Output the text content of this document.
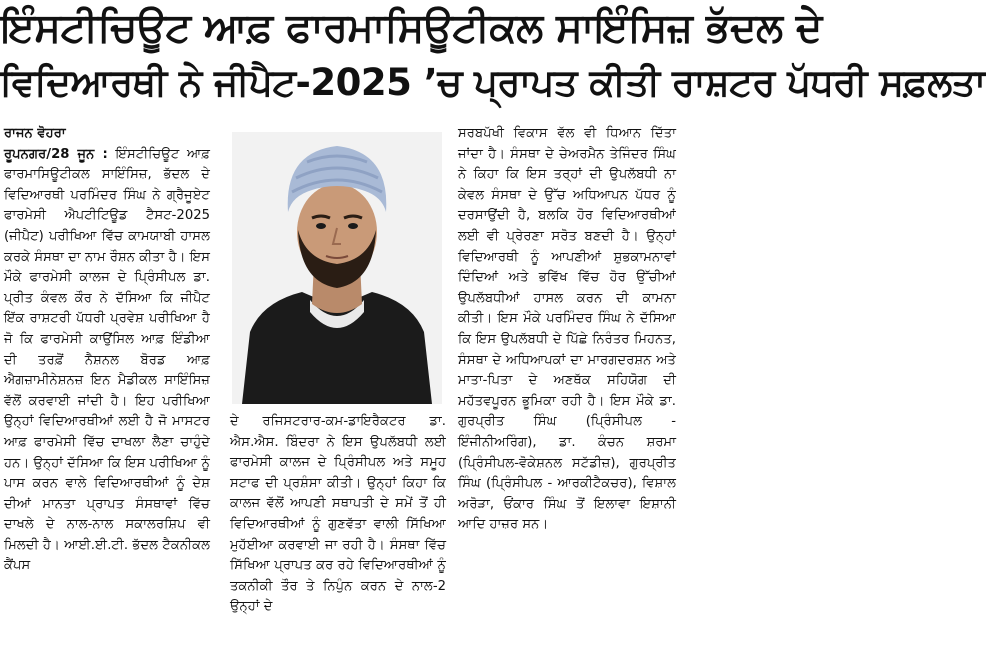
ਇੰਸਟੀਚਿਊਟ ਆਫ਼ ਫਾਰਮਾਸਿਊਟੀਕਲ ਸਾਇੰਸਿਜ਼ ਭੱਦਲ ਦੇ
ਵਿਦਿਆਰਥੀ ਨੇ ਜੀਪੈਟ-2025 ’ਚ ਪ੍ਰਾਪਤ ਕੀਤੀ ਰਾਸ਼ਟਰ ਪੱਧਰੀ ਸਫ਼ਲਤਾ

ਰਾਜਨ ਵੋਹਰਾ

ਰੂਪਨਗਰ/28 ਜੂਨ : ਇੰਸਟੀਚਿਊਟ ਆਫ਼ ਫਾਰਮਾਸਿਊਟੀਕਲ ਸਾਇੰਸਿਜ਼, ਭੱਦਲ ਦੇ ਵਿਦਿਆਰਥੀ ਪਰਮਿੰਦਰ ਸਿੰਘ ਨੇ ਗ੍ਰੈਜੂਏਟ ਫਾਰਮੇਸੀ ਐਪਟੀਟਿਊਡ ਟੈਸਟ-2025 (ਜੀਪੈਟ) ਪਰੀਖਿਆ ਵਿੱਚ ਕਾਮਯਾਬੀ ਹਾਸਲ ਕਰਕੇ ਸੰਸਥਾ ਦਾ ਨਾਮ ਰੌਸ਼ਨ ਕੀਤਾ ਹੈ। ਇਸ ਮੌਕੇ ਫਾਰਮੇਸੀ ਕਾਲਜ ਦੇ ਪ੍ਰਿੰਸੀਪਲ ਡਾ. ਪ੍ਰੀਤ ਕੰਵਲ ਕੌਰ ਨੇ ਦੱਸਿਆ ਕਿ ਜੀਪੈਟ ਇੱਕ ਰਾਸ਼ਟਰੀ ਪੱਧਰੀ ਪ੍ਰਵੇਸ਼ ਪਰੀਖਿਆ ਹੈ ਜੋ ਕਿ ਫਾਰਮੇਸੀ ਕਾਉਂਸਿਲ ਆਫ਼ ਇੰਡੀਆ ਦੀ ਤਰਫ਼ੋਂ ਨੈਸ਼ਨਲ ਬੋਰਡ ਆਫ਼ ਐਗਜ਼ਾਮੀਨੇਸ਼ਨਜ਼ ਇਨ ਮੈਡੀਕਲ ਸਾਇੰਸਿਜ਼ ਵੱਲੋਂ ਕਰਵਾਈ ਜਾਂਦੀ ਹੈ। ਇਹ ਪਰੀਖਿਆ ਉਨ੍ਹਾਂ ਵਿਦਿਆਰਥੀਆਂ ਲਈ ਹੈ ਜੋ ਮਾਸਟਰ ਆਫ਼ ਫਾਰਮੇਸੀ ਵਿੱਚ ਦਾਖਲਾ ਲੈਣਾ ਚਾਹੁੰਦੇ ਹਨ। ਉਨ੍ਹਾਂ ਦੱਸਿਆ ਕਿ ਇਸ ਪਰੀਖਿਆ ਨੂੰ ਪਾਸ ਕਰਨ ਵਾਲੇ ਵਿਦਿਆਰਥੀਆਂ ਨੂੰ ਦੇਸ਼ ਦੀਆਂ ਮਾਨਤਾ ਪ੍ਰਾਪਤ ਸੰਸਥਾਵਾਂ ਵਿੱਚ ਦਾਖਲੇ ਦੇ ਨਾਲ-ਨਾਲ ਸਕਾਲਰਸ਼ਿਪ ਵੀ ਮਿਲਦੀ ਹੈ। ਆਈ.ਈ.ਟੀ. ਭੱਦਲ ਟੈਕਨੀਕਲ ਕੈਂਪਸ

ਦੇ ਰਜਿਸਟਰਾਰ-ਕਮ-ਡਾਇਰੈਕਟਰ ਡਾ. ਐਸ.ਐਸ. ਬਿੰਦਰਾ ਨੇ ਇਸ ਉਪਲੱਬਧੀ ਲਈ ਫਾਰਮੇਸੀ ਕਾਲਜ ਦੇ ਪ੍ਰਿੰਸੀਪਲ ਅਤੇ ਸਮੂਹ ਸਟਾਫ ਦੀ ਪ੍ਰਸ਼ੰਸਾ ਕੀਤੀ। ਉਨ੍ਹਾਂ ਕਿਹਾ ਕਿ ਕਾਲਜ ਵੱਲੋਂ ਆਪਣੀ ਸਥਾਪਤੀ ਦੇ ਸਮੇਂ ਤੋਂ ਹੀ ਵਿਦਿਆਰਥੀਆਂ ਨੂੰ ਗੁਣਵੱਤਾ ਵਾਲੀ ਸਿੱਖਿਆ ਮੁਹੱਈਆ ਕਰਵਾਈ ਜਾ ਰਹੀ ਹੈ। ਸੰਸਥਾ ਵਿੱਚ ਸਿੱਖਿਆ ਪ੍ਰਾਪਤ ਕਰ ਰਹੇ ਵਿਦਿਆਰਥੀਆਂ ਨੂੰ ਤਕਨੀਕੀ ਤੌਰ ਤੇ ਨਿਪੁੰਨ ਕਰਨ ਦੇ ਨਾਲ-2 ਉਨ੍ਹਾਂ ਦੇ

ਸਰਬਪੱਖੀ ਵਿਕਾਸ ਵੱਲ ਵੀ ਧਿਆਨ ਦਿੱਤਾ ਜਾਂਦਾ ਹੈ। ਸੰਸਥਾ ਦੇ ਚੇਅਰਮੈਨ ਤੇਜਿੰਦਰ ਸਿੰਘ ਨੇ ਕਿਹਾ ਕਿ ਇਸ ਤਰ੍ਹਾਂ ਦੀ ਉਪਲੱਬਧੀ ਨਾ ਕੇਵਲ ਸੰਸਥਾ ਦੇ ਉੱਚ ਅਧਿਆਪਨ ਪੱਧਰ ਨੂੰ ਦਰਸਾਉਂਦੀ ਹੈ, ਬਲਕਿ ਹੋਰ ਵਿਦਿਆਰਥੀਆਂ ਲਈ ਵੀ ਪ੍ਰੇਰਣਾ ਸਰੋਤ ਬਣਦੀ ਹੈ। ਉਨ੍ਹਾਂ ਵਿਦਿਆਰਥੀ ਨੂੰ ਆਪਣੀਆਂ ਸ਼ੁਭਕਾਮਨਾਵਾਂ ਦਿੰਦਿਆਂ ਅਤੇ ਭਵਿੱਖ ਵਿੱਚ ਹੋਰ ਉੱਚੀਆਂ ਉਪਲੱਬਧੀਆਂ ਹਾਸਲ ਕਰਨ ਦੀ ਕਾਮਨਾ ਕੀਤੀ। ਇਸ ਮੌਕੇ ਪਰਮਿੰਦਰ ਸਿੰਘ ਨੇ ਦੱਸਿਆ ਕਿ ਇਸ ਉਪਲੱਬਧੀ ਦੇ ਪਿੱਛੇ ਨਿਰੰਤਰ ਮਿਹਨਤ, ਸੰਸਥਾ ਦੇ ਅਧਿਆਪਕਾਂ ਦਾ ਮਾਰਗਦਰਸ਼ਨ ਅਤੇ ਮਾਤਾ-ਪਿਤਾ ਦੇ ਅਣਥੱਕ ਸਹਿਯੋਗ ਦੀ ਮਹੱਤਵਪੂਰਨ ਭੂਮਿਕਾ ਰਹੀ ਹੈ। ਇਸ ਮੌਕੇ ਡਾ. ਗੁਰਪ੍ਰੀਤ ਸਿੰਘ (ਪ੍ਰਿੰਸੀਪਲ - ਇੰਜੀਨੀਅਰਿੰਗ), ਡਾ. ਕੰਚਨ ਸ਼ਰਮਾ (ਪ੍ਰਿੰਸੀਪਲ-ਵੋਕੇਸ਼ਨਲ ਸਟੱਡੀਜ਼), ਗੁਰਪ੍ਰੀਤ ਸਿੰਘ (ਪ੍ਰਿੰਸੀਪਲ - ਆਰਕੀਟੈਕਚਰ), ਵਿਸ਼ਾਲ ਅਰੋੜਾ, ਓਂਕਾਰ ਸਿੰਘ ਤੋਂ ਇਲਾਵਾ ਇਸ਼ਾਨੀ ਆਦਿ ਹਾਜ਼ਰ ਸਨ।
